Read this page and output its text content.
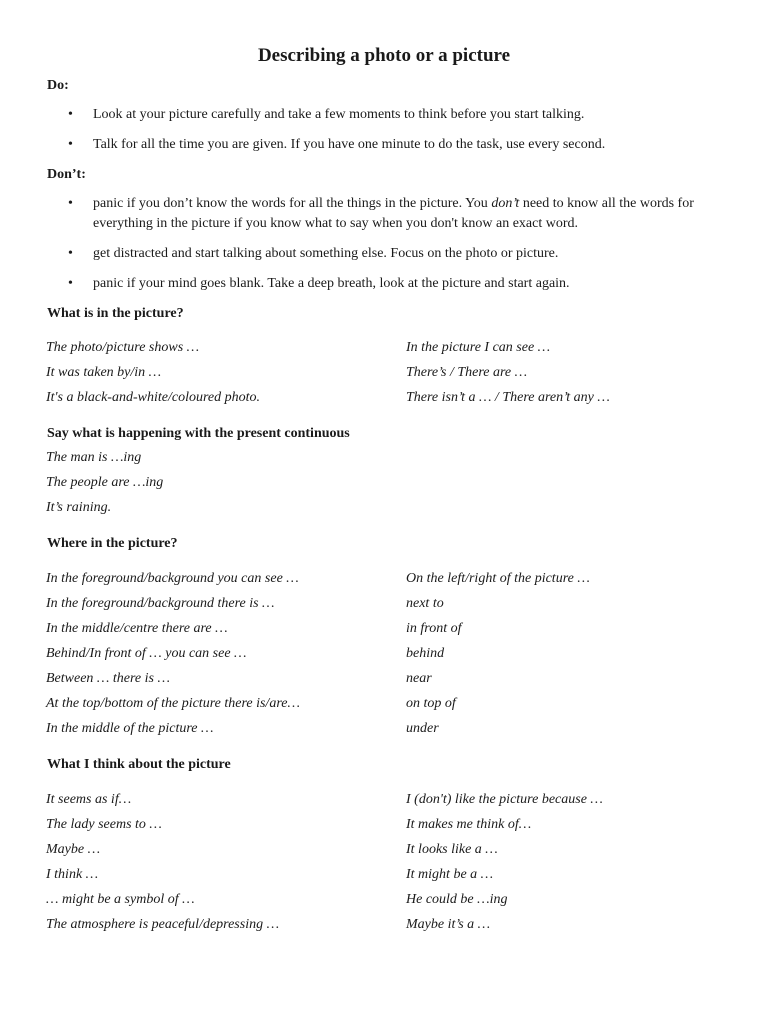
Describing a photo or a picture
Do:
• Look at your picture carefully and take a few moments to think before you start talking.
• Talk for all the time you are given. If you have one minute to do the task, use every second.
Don’t:
• panic if you don’t know the words for all the things in the picture. You don’t need to know all the words for everything in the picture if you know what to say when you don't know an exact word.
• get distracted and start talking about something else. Focus on the photo or picture.
• panic if your mind goes blank. Take a deep breath, look at the picture and start again.
What is in the picture?
The photo/picture shows …
It was taken by/in …
It's a black-and-white/coloured photo.
In the picture I can see …
There’s / There are …
There isn’t a … / There aren’t any …
Say what is happening with the present continuous
The man is …ing
The people are …ing
It’s raining.
Where in the picture?
In the foreground/background you can see …
In the foreground/background there is …
In the middle/centre there are …
Behind/In front of … you can see …
Between … there is …
At the top/bottom of the picture there is/are…
In the middle of the picture …
On the left/right of the picture …
next to
in front of
behind
near
on top of
under
What I think about the picture
It seems as if…
The lady seems to …
Maybe …
I think …
… might be a symbol of …
The atmosphere is peaceful/depressing …
I (don't) like the picture because …
It makes me think of…
It looks like a …
It might be a …
He could be …ing
Maybe it’s a …
